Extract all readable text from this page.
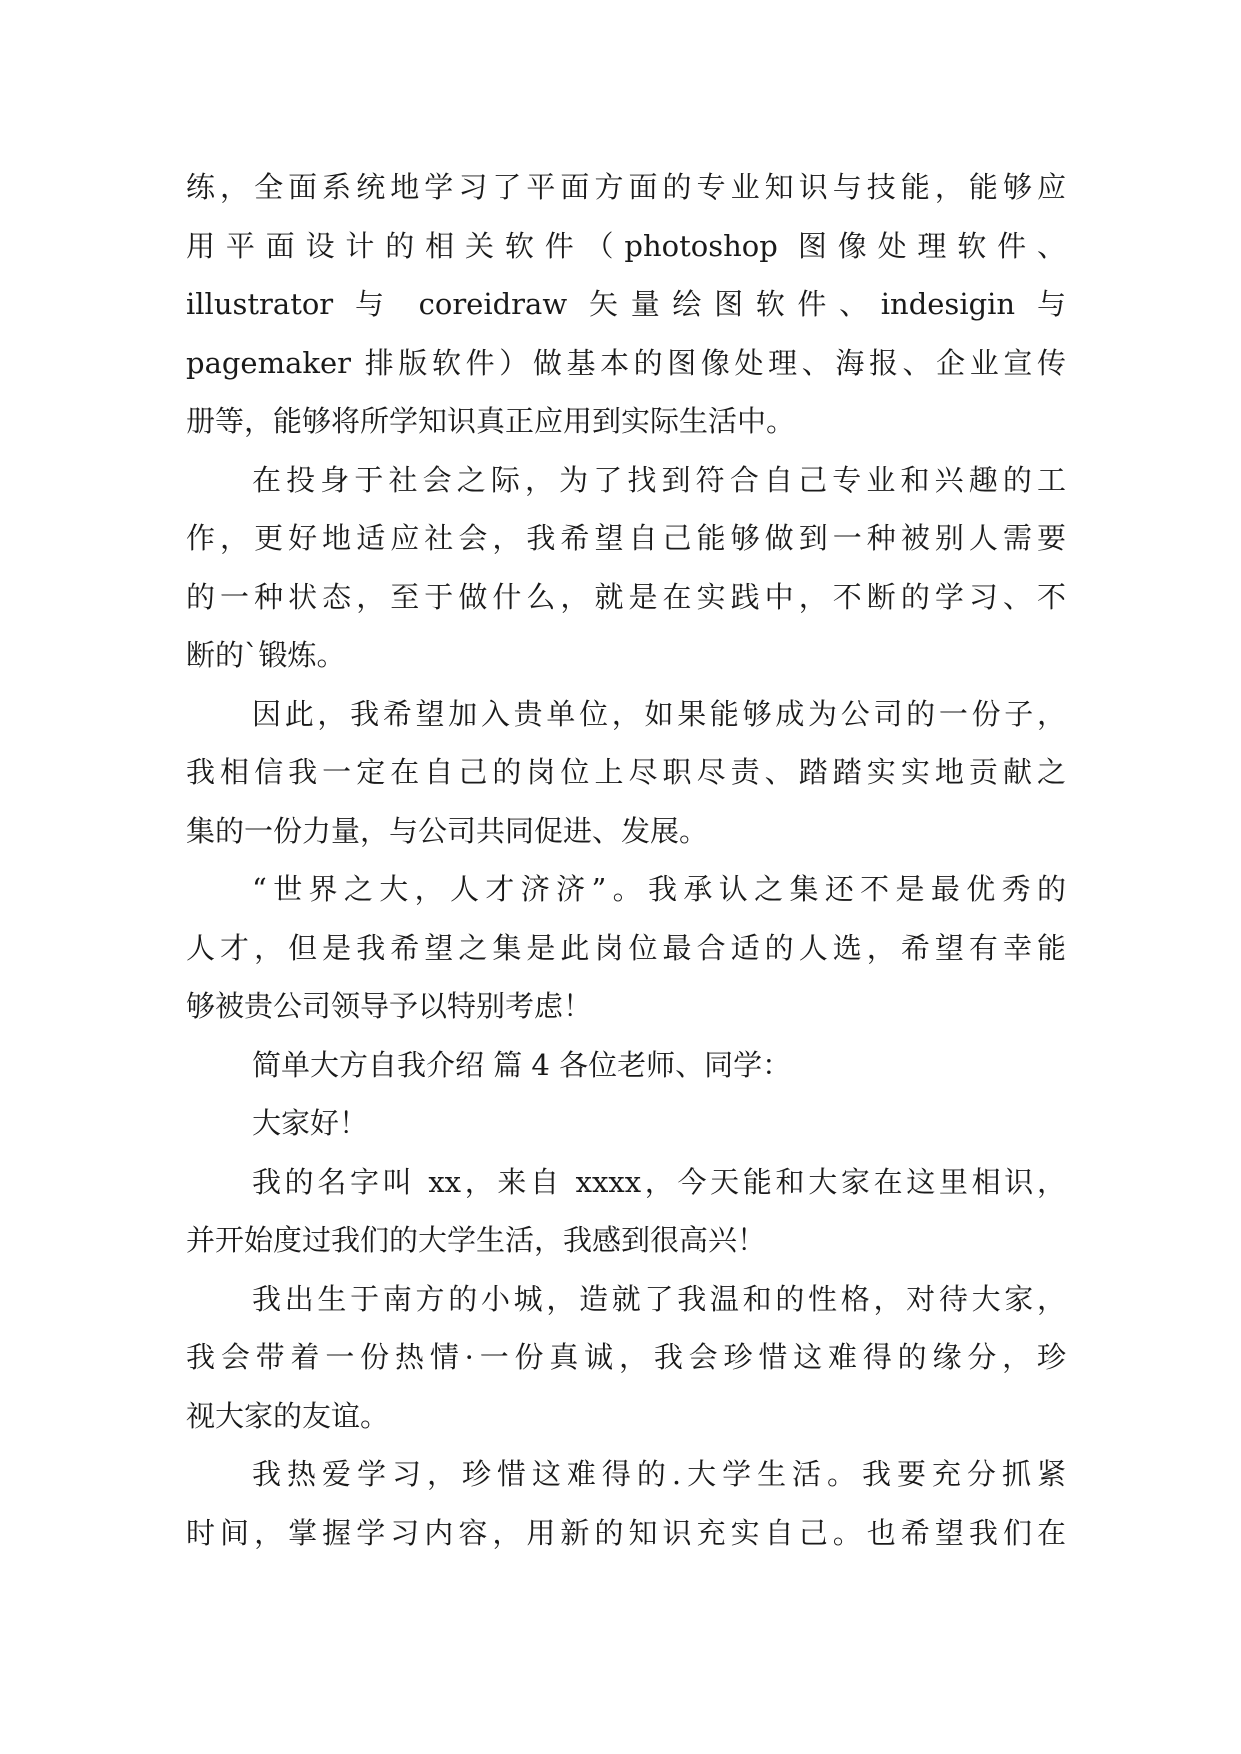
练，全面系统地学习了平面方面的专业知识与技能，能够应
用平面设计的相关软件（photoshop 图像处理软件、
illustrator 与 coreidraw 矢量绘图软件、indesigin 与
pagemaker 排版软件）做基本的图像处理、海报、企业宣传
册等，能够将所学知识真正应用到实际生活中。
在投身于社会之际，为了找到符合自己专业和兴趣的工
作，更好地适应社会，我希望自己能够做到一种被别人需要
的一种状态，至于做什么，就是在实践中，不断的学习、不
断的`锻炼。
因此，我希望加入贵单位，如果能够成为公司的一份子，
我相信我一定在自己的岗位上尽职尽责、踏踏实实地贡献之
集的一份力量，与公司共同促进、发展。
“世界之大，人才济济”。我承认之集还不是最优秀的
人才，但是我希望之集是此岗位最合适的人选，希望有幸能
够被贵公司领导予以特别考虑！
简单大方自我介绍 篇 4 各位老师、同学：
大家好！
我的名字叫 xx，来自 xxxx，今天能和大家在这里相识，
并开始度过我们的大学生活，我感到很高兴！
我出生于南方的小城，造就了我温和的性格，对待大家，
我会带着一份热情·一份真诚，我会珍惜这难得的缘分，珍
视大家的友谊。
我热爱学习，珍惜这难得的.大学生活。我要充分抓紧
时间，掌握学习内容，用新的知识充实自己。也希望我们在
